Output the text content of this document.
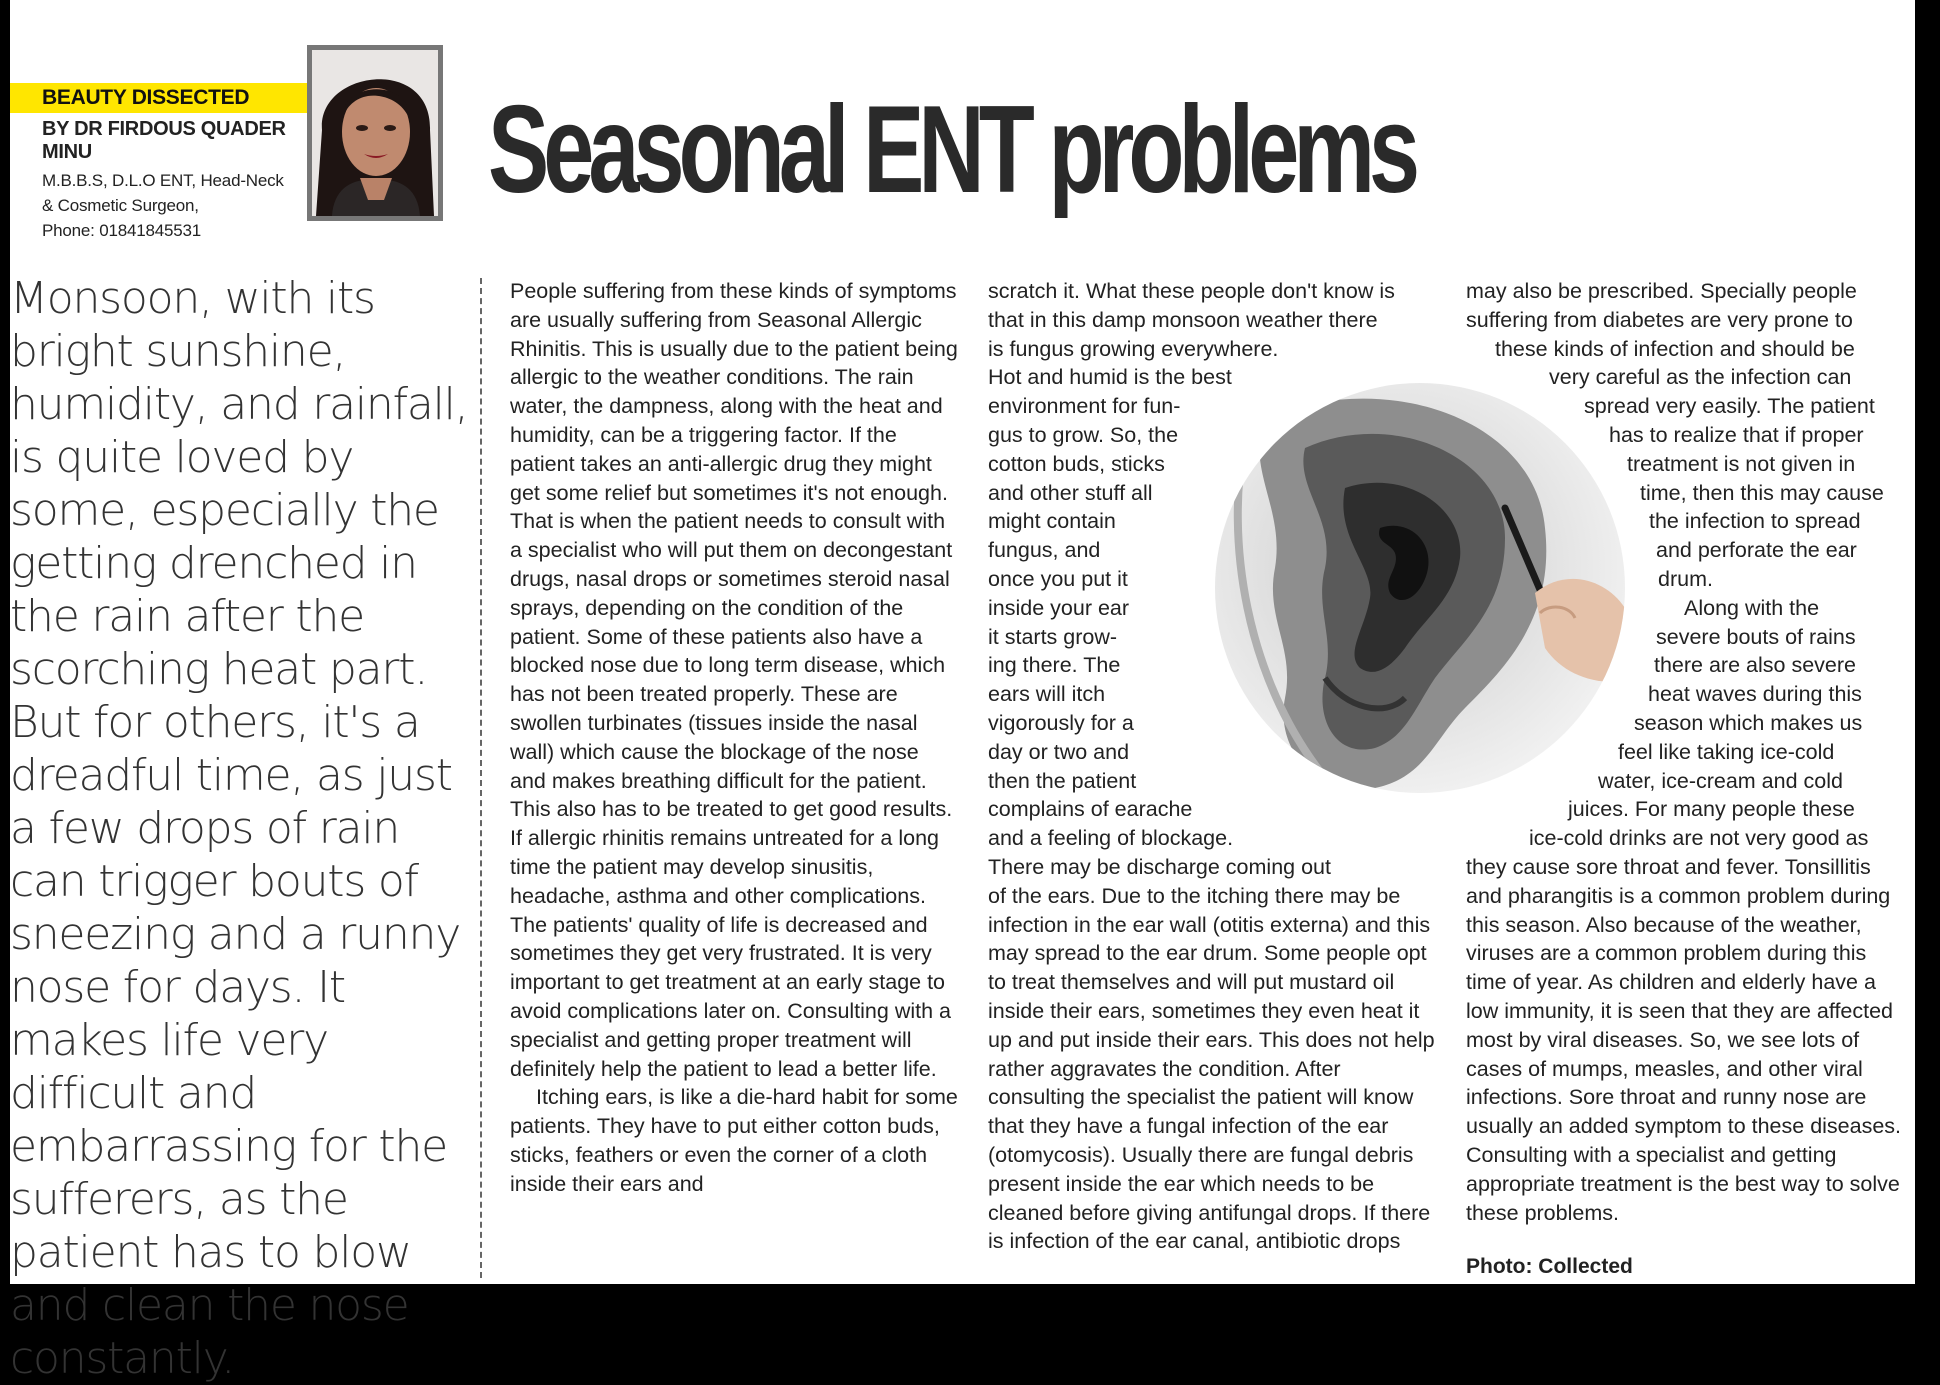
BEAUTY DISSECTED
BY DR FIRDOUS QUADER MINU
M.B.B.S, D.L.O ENT, Head-Neck
& Cosmetic Surgeon,
Phone: 01841845531
Seasonal ENT problems
Monsoon, with its bright sunshine, humidity, and rainfall, is quite loved by some, especially the getting drenched in the rain after the scorching heat part. But for others, it's a dreadful time, as just a few drops of rain can trigger bouts of sneezing and a runny nose for days. It makes life very difficult and embarrassing for the sufferers, as the patient has to blow and clean the nose constantly.

People suffering from these kinds of symptoms are usually suffering from Seasonal Allergic Rhinitis. This is usually due to the patient being allergic to the weather conditions. The rain water, the dampness, along with the heat and humidity, can be a triggering factor. If the patient takes an anti-allergic drug they might get some relief but sometimes it's not enough. That is when the patient needs to consult with a specialist who will put them on decongestant drugs, nasal drops or sometimes steroid nasal sprays, depending on the condition of the patient. Some of these patients also have a blocked nose due to long term disease, which has not been treated properly. These are swollen turbinates (tissues inside the nasal wall) which cause the blockage of the nose and makes breathing difficult for the patient. This also has to be treated to get good results. If allergic rhinitis remains untreated for a long time the patient may develop sinusitis, headache, asthma and other complications. The patients' quality of life is decreased and sometimes they get very frustrated. It is very important to get treatment at an early stage to avoid complications later on. Consulting with a specialist and getting proper treatment will definitely help the patient to lead a better life.

Itching ears, is like a die-hard habit for some patients. They have to put either cotton buds, sticks, feathers or even the corner of a cloth inside their ears and

scratch it. What these people don't know is
that in this damp monsoon weather there
is fungus growing everywhere.
Hot and humid is the best
environment for fun-
gus to grow. So, the
cotton buds, sticks
and other stuff all
might contain
fungus, and
once you put it
inside your ear
it starts grow-
ing there. The
ears will itch
vigorously for a
day or two and
then the patient
complains of earache
and a feeling of blockage.
There may be discharge coming out

of the ears. Due to the itching there may be infection in the ear wall (otitis externa) and this may spread to the ear drum. Some people opt to treat themselves and will put mustard oil inside their ears, sometimes they even heat it up and put inside their ears. This does not help rather aggravates the condition. After consulting the specialist the patient will know that they have a fungal infection of the ear (otomycosis). Usually there are fungal debris present inside the ear which needs to be cleaned before giving antifungal drops. If there is infection of the ear canal, antibiotic drops

may also be prescribed. Specially people
suffering from diabetes are very prone to
these kinds of infection and should be
very careful as the infection can
spread very easily. The patient
has to realize that if proper
treatment is not given in
time, then this may cause
the infection to spread
and perforate the ear
drum.
Along with the
severe bouts of rains
there are also severe
heat waves during this
season which makes us
feel like taking ice-cold
water, ice-cream and cold
juices. For many people these
ice-cold drinks are not very good as

they cause sore throat and fever. Tonsillitis and pharangitis is a common problem during this season. Also because of the weather, viruses are a common problem during this time of year. As children and elderly have a low immunity, it is seen that they are affected most by viral diseases. So, we see lots of cases of mumps, measles, and other viral infections. Sore throat and runny nose are usually an added symptom to these diseases. Consulting with a specialist and getting appropriate treatment is the best way to solve these problems.

Photo: Collected
